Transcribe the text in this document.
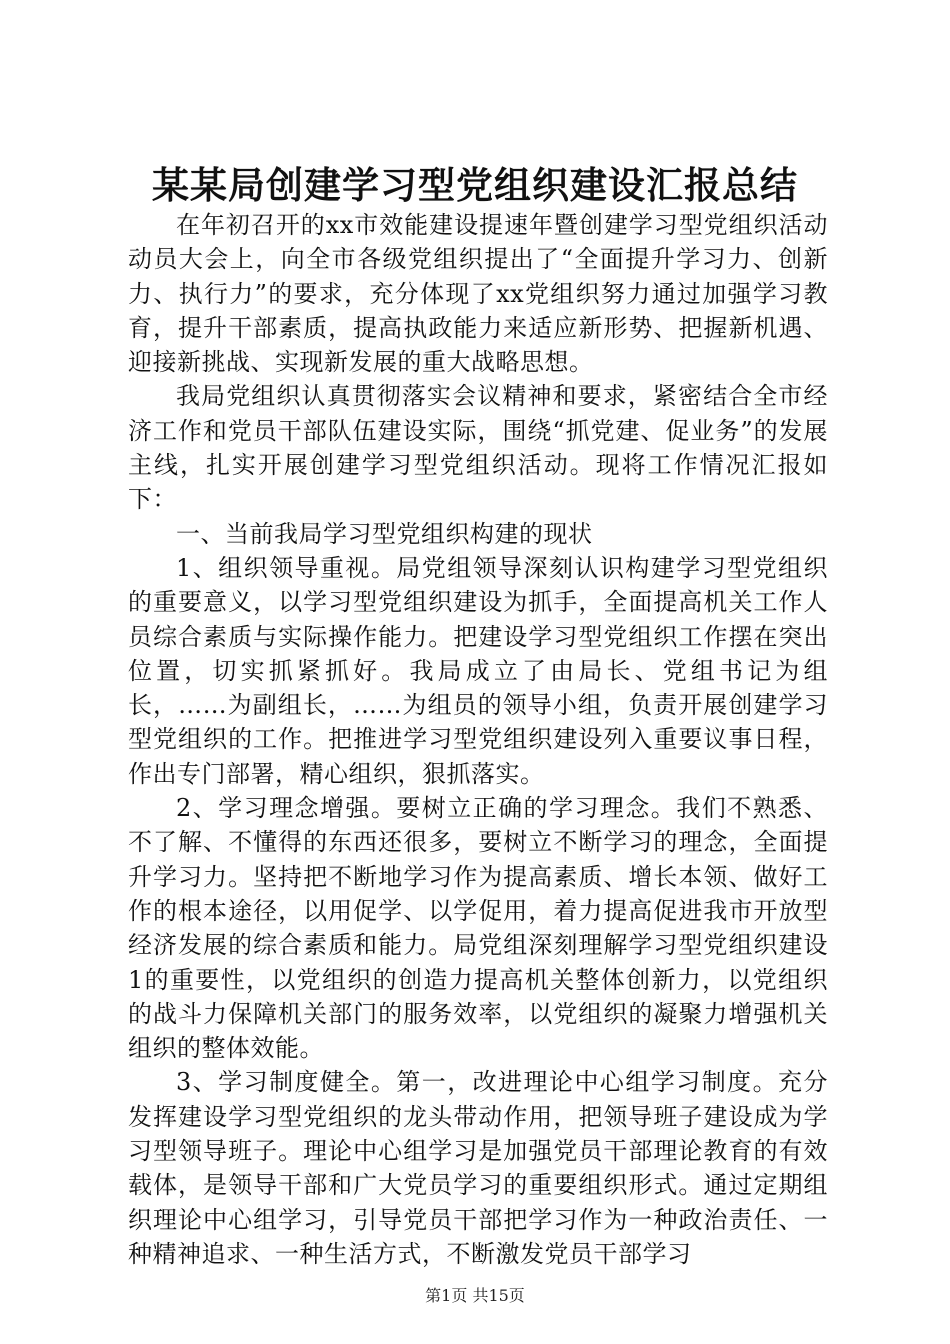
某某局创建学习型党组织建设汇报总结

在年初召开的xx市效能建设提速年暨创建学习型党组织活动动员大会上，向全市各级党组织提出了“全面提升学习力、创新力、执行力”的要求，充分体现了xx党组织努力通过加强学习教育，提升干部素质，提高执政能力来适应新形势、把握新机遇、迎接新挑战、实现新发展的重大战略思想。

我局党组织认真贯彻落实会议精神和要求，紧密结合全市经济工作和党员干部队伍建设实际，围绕“抓党建、促业务”的发展主线，扎实开展创建学习型党组织活动。现将工作情况汇报如下：

一、当前我局学习型党组织构建的现状

1、组织领导重视。局党组领导深刻认识构建学习型党组织的重要意义，以学习型党组织建设为抓手，全面提高机关工作人员综合素质与实际操作能力。把建设学习型党组织工作摆在突出位置，切实抓紧抓好。我局成立了由局长、党组书记为组长，……为副组长，……为组员的领导小组，负责开展创建学习型党组织的工作。把推进学习型党组织建设列入重要议事日程，作出专门部署，精心组织，狠抓落实。

2、学习理念增强。要树立正确的学习理念。我们不熟悉、不了解、不懂得的东西还很多，要树立不断学习的理念，全面提升学习力。坚持把不断地学习作为提高素质、增长本领、做好工作的根本途径，以用促学、以学促用，着力提高促进我市开放型经济发展的综合素质和能力。局党组深刻理解学习型党组织建设1的重要性，以党组织的创造力提高机关整体创新力，以党组织的战斗力保障机关部门的服务效率，以党组织的凝聚力增强机关组织的整体效能。

3、学习制度健全。第一，改进理论中心组学习制度。充分发挥建设学习型党组织的龙头带动作用，把领导班子建设成为学习型领导班子。理论中心组学习是加强党员干部理论教育的有效载体，是领导干部和广大党员学习的重要组织形式。通过定期组织理论中心组学习，引导党员干部把学习作为一种政治责任、一种精神追求、一种生活方式，不断激发党员干部学习

第1页 共15页
